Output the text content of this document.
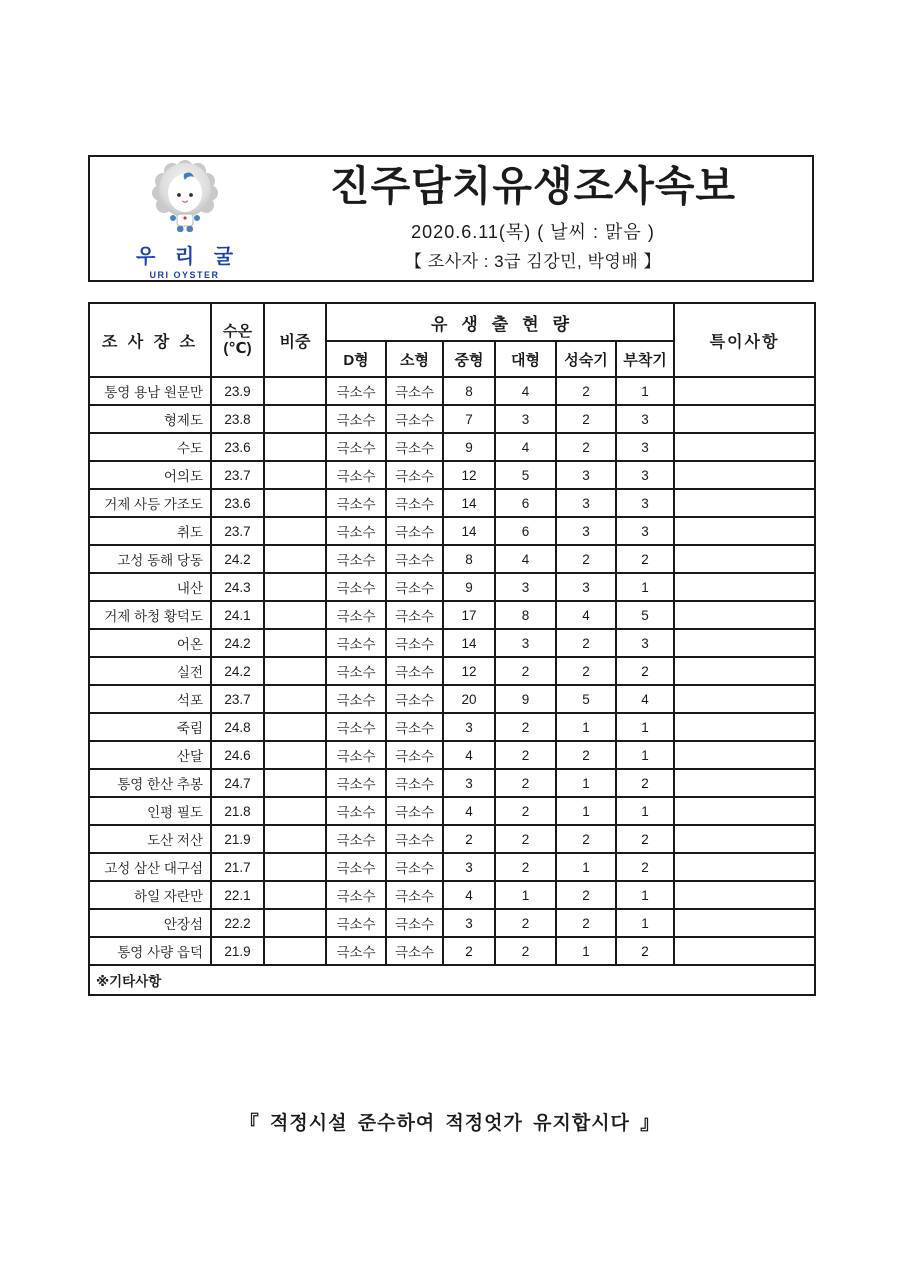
우 리 굴
URI OYSTER
진주담치유생조사속보
2020.6.11(목) ( 날씨 : 맑음 )
【 조사자 : 3급 김강민, 박영배 】
조 사 장 소	수온
(℃)	비중	유생출현량						특이사항
			D형	소형	중형	대형	성숙기	부착기	
통영 용남 원문만	23.9		극소수	극소수	8	4	2	1	
형제도	23.8		극소수	극소수	7	3	2	3	
수도	23.6		극소수	극소수	9	4	2	3	
어의도	23.7		극소수	극소수	12	5	3	3	
거제 사등 가조도	23.6		극소수	극소수	14	6	3	3	
취도	23.7		극소수	극소수	14	6	3	3	
고성 동해 당동	24.2		극소수	극소수	8	4	2	2	
내산	24.3		극소수	극소수	9	3	3	1	
거제 하청 황덕도	24.1		극소수	극소수	17	8	4	5	
어온	24.2		극소수	극소수	14	3	2	3	
실전	24.2		극소수	극소수	12	2	2	2	
석포	23.7		극소수	극소수	20	9	5	4	
죽림	24.8		극소수	극소수	3	2	1	1	
산달	24.6		극소수	극소수	4	2	2	1	
통영 한산 추봉	24.7		극소수	극소수	3	2	1	2	
인평 필도	21.8		극소수	극소수	4	2	1	1	
도산 저산	21.9		극소수	극소수	2	2	2	2	
고성 삼산 대구섬	21.7		극소수	극소수	3	2	1	2	
하일 자란만	22.1		극소수	극소수	4	1	2	1	
안장섬	22.2		극소수	극소수	3	2	2	1	
통영 사량 읍덕	21.9		극소수	극소수	2	2	1	2	
※기타사항									
『 적정시설 준수하여 적정엇가 유지합시다 』
